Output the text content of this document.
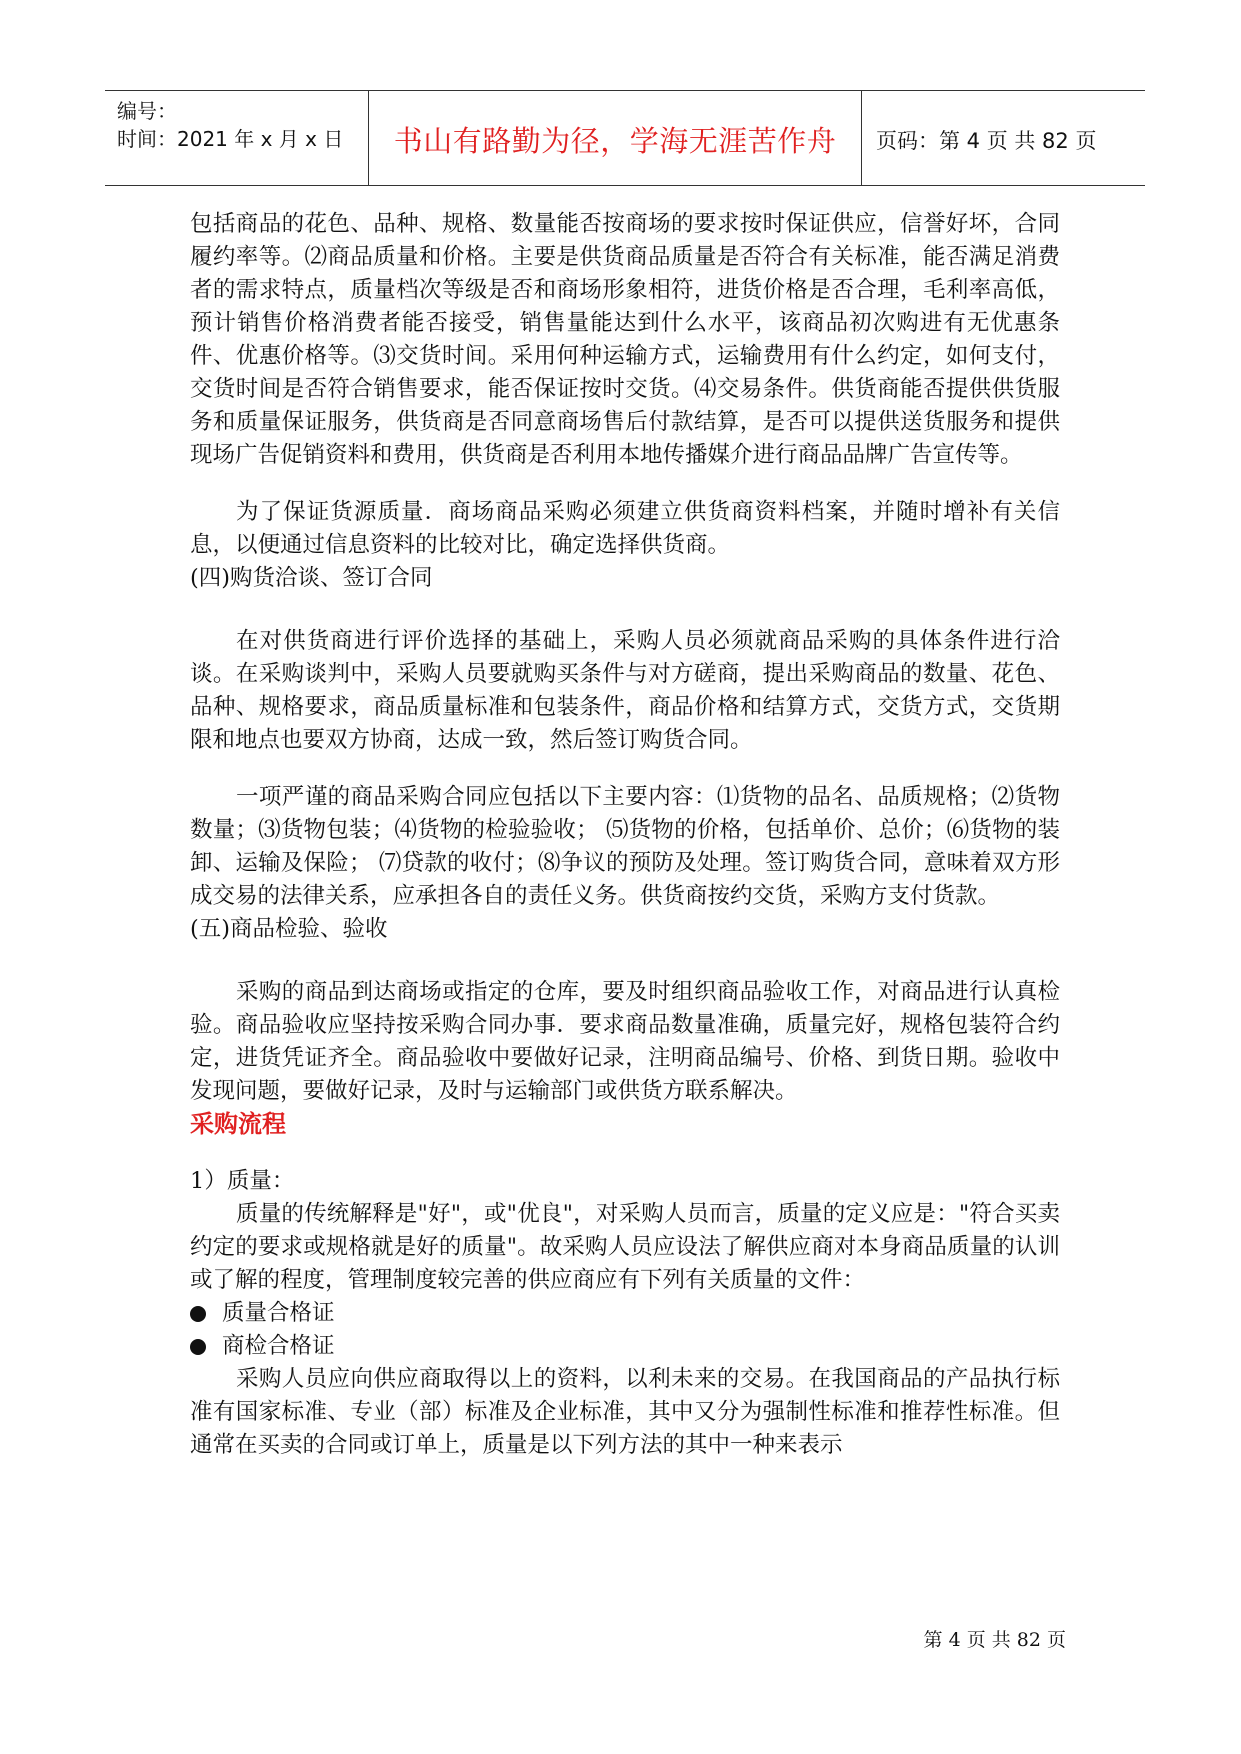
编号：
时间：2021 年 x 月 x 日	书山有路勤为径，学海无涯苦作舟	页码：第 4 页 共 82 页

包括商品的花色、品种、规格、数量能否按商场的要求按时保证供应，信誉好坏，合同履约率等。⑵商品质量和价格。主要是供货商品质量是否符合有关标准，能否满足消费者的需求特点，质量档次等级是否和商场形象相符，进货价格是否合理，毛利率高低，预计销售价格消费者能否接受，销售量能达到什么水平，该商品初次购进有无优惠条件、优惠价格等。⑶交货时间。采用何种运输方式，运输费用有什么约定，如何支付，交货时间是否符合销售要求，能否保证按时交货。⑷交易条件。供货商能否提供供货服务和质量保证服务，供货商是否同意商场售后付款结算，是否可以提供送货服务和提供现场广告促销资料和费用，供货商是否利用本地传播媒介进行商品品牌广告宣传等。

为了保证货源质量．商场商品采购必须建立供货商资料档案，并随时增补有关信息，以便通过信息资料的比较对比，确定选择供货商。

(四)购货洽谈、签订合同

在对供货商进行评价选择的基础上，采购人员必须就商品采购的具体条件进行洽谈。在采购谈判中，采购人员要就购买条件与对方磋商，提出采购商品的数量、花色、品种、规格要求，商品质量标准和包装条件，商品价格和结算方式，交货方式，交货期限和地点也要双方协商，达成一致，然后签订购货合同。

一项严谨的商品采购合同应包括以下主要内容：⑴货物的品名、品质规格；⑵货物数量；⑶货物包装；⑷货物的检验验收； ⑸货物的价格，包括单价、总价；⑹货物的装卸、运输及保险； ⑺贷款的收付；⑻争议的预防及处理。签订购货合同，意味着双方形成交易的法律关系，应承担各自的责任义务。供货商按约交货，采购方支付货款。

(五)商品检验、验收

采购的商品到达商场或指定的仓库，要及时组织商品验收工作，对商品进行认真检验。商品验收应坚持按采购合同办事．要求商品数量准确，质量完好，规格包装符合约定，进货凭证齐全。商品验收中要做好记录，注明商品编号、价格、到货日期。验收中发现问题，要做好记录，及时与运输部门或供货方联系解决。

采购流程

1）质量：

质量的传统解释是"好"，或"优良"，对采购人员而言，质量的定义应是："符合买卖约定的要求或规格就是好的质量"。故采购人员应设法了解供应商对本身商品质量的认训或了解的程度，管理制度较完善的供应商应有下列有关质量的文件：

质量合格证

商检合格证

采购人员应向供应商取得以上的资料，以利未来的交易。在我国商品的产品执行标准有国家标准、专业（部）标准及企业标准，其中又分为强制性标准和推荐性标准。但通常在买卖的合同或订单上，质量是以下列方法的其中一种来表示

第 4 页 共 82 页
